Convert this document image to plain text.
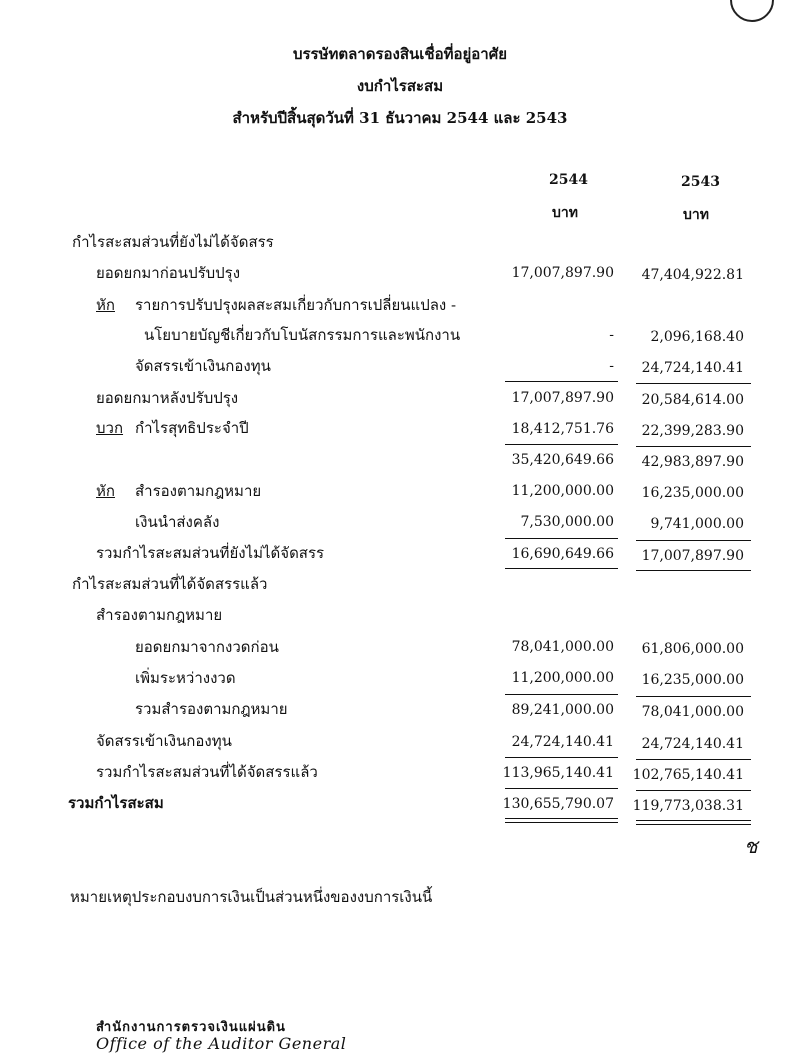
บรรษัทตลาดรองสินเชื่อที่อยู่อาศัย
งบกำไรสะสม
สำหรับปีสิ้นสุดวันที่ 31 ธันวาคม 2544 และ 2543
2544	2543
บาท	บาท
กำไรสะสมส่วนที่ยังไม่ได้จัดสรร
ยอดยกมาก่อนปรับปรุง	17,007,897.90	47,404,922.81
หัก รายการปรับปรุงผลสะสมเกี่ยวกับการเปลี่ยนแปลง -
นโยบายบัญชีเกี่ยวกับโบนัสกรรมการและพนักงาน	-	2,096,168.40
จัดสรรเข้าเงินกองทุน	-	24,724,140.41
ยอดยกมาหลังปรับปรุง	17,007,897.90	20,584,614.00
บวก กำไรสุทธิประจำปี	18,412,751.76	22,399,283.90
35,420,649.66	42,983,897.90
หัก สำรองตามกฎหมาย	11,200,000.00	16,235,000.00
เงินนำส่งคลัง	7,530,000.00	9,741,000.00
รวมกำไรสะสมส่วนที่ยังไม่ได้จัดสรร	16,690,649.66	17,007,897.90
กำไรสะสมส่วนที่ได้จัดสรรแล้ว
สำรองตามกฎหมาย
ยอดยกมาจากงวดก่อน	78,041,000.00	61,806,000.00
เพิ่มระหว่างงวด	11,200,000.00	16,235,000.00
รวมสำรองตามกฎหมาย	89,241,000.00	78,041,000.00
จัดสรรเข้าเงินกองทุน	24,724,140.41	24,724,140.41
รวมกำไรสะสมส่วนที่ได้จัดสรรแล้ว	113,965,140.41	102,765,140.41
รวมกำไรสะสม	130,655,790.07	119,773,038.31
ช
หมายเหตุประกอบงบการเงินเป็นส่วนหนึ่งของงบการเงินนี้
สำนักงานการตรวจเงินแผ่นดิน
Office of the Auditor General
